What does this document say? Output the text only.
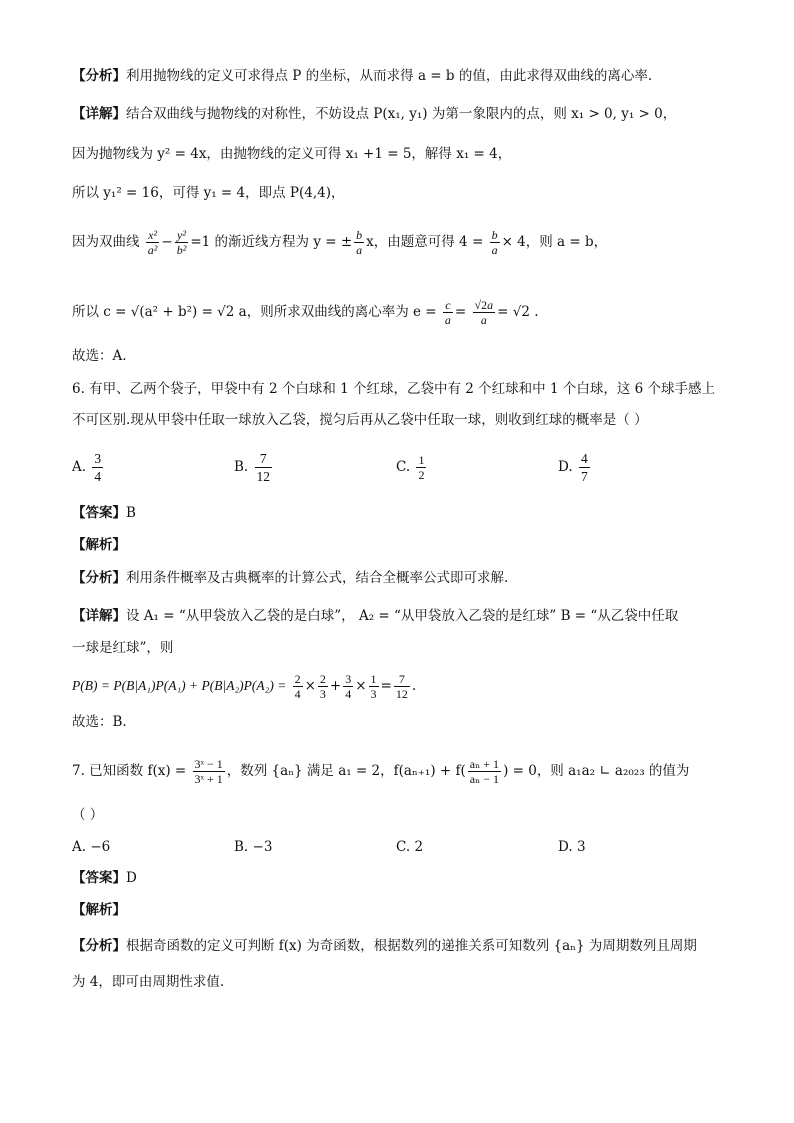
【分析】利用抛物线的定义可求得点 P 的坐标，从而求得 a = b 的值，由此求得双曲线的离心率.
【详解】结合双曲线与抛物线的对称性，不妨设点 P(x₁, y₁) 为第一象限内的点，则 x₁ > 0, y₁ > 0，
因为抛物线为 y² = 4x，由抛物线的定义可得 x₁ +1 = 5，解得 x₁ = 4，
所以 y₁² = 16，可得 y₁ = 4，即点 P(4,4)，
因为双曲线 $\frac{\text{x²}}{\text{a²}} - \frac{\text{y²}}{\text{b²}} =1$ 的渐近线方程为 y = ± $\frac{b}{a}$ x，由题意可得 $4 = \frac{b}{a} \times 4$，则 a = b，
所以 c = √(a² + b²) = √2 a，则所求双曲线的离心率为 $e = \frac{c}{a} = \frac{√2a}{a} = √2$ .
故选：A.
6. 有甲、乙两个袋子，甲袋中有 2 个白球和 1 个红球，乙袋中有 2 个红球和中 1 个白球，这 6 个球手感上
不可区别.现从甲袋中任取一球放入乙袋，搅匀后再从乙袋中任取一球，则收到红球的概率是（ ）
A. $\frac{3}{4}$	B. $\frac{7}{12}$	C. $\frac{1}{2}$	D. $\frac{4}{7}$
【答案】B
【解析】
【分析】利用条件概率及古典概率的计算公式，结合全概率公式即可求解.
【详解】设 A₁ = “从甲袋放入乙袋的是白球”， A₂ = “从甲袋放入乙袋的是红球” B = “从乙袋中任取
一球是红球”，则
$P(B) = P(B|A_1)P(A_1) + P(B|A_2)P(A_2) = \frac{2}{4} \times \frac{2}{3} + \frac{3}{4} \times \frac{1}{3} = \frac{7}{12}$ .
故选：B.
7. 已知函数 $f(x) = \frac{\text{3ˣ − 1}}{\text{3ˣ + 1}}$ ，数列 {aₙ} 满足 a₁ = 2，$f(a_{n+1}) + f( \frac{\text{aₙ + 1}}{\text{aₙ − 1}}$ ) = 0，则 a₁a₂ ∟ a₂₀₂₃ 的值为
（ ）
A. −6	B. −3	C. 2	D. 3
【答案】D
【解析】
【分析】根据奇函数的定义可判断 f(x) 为奇函数，根据数列的递推关系可知数列 {aₙ} 为周期数列且周期
为 4，即可由周期性求值.
